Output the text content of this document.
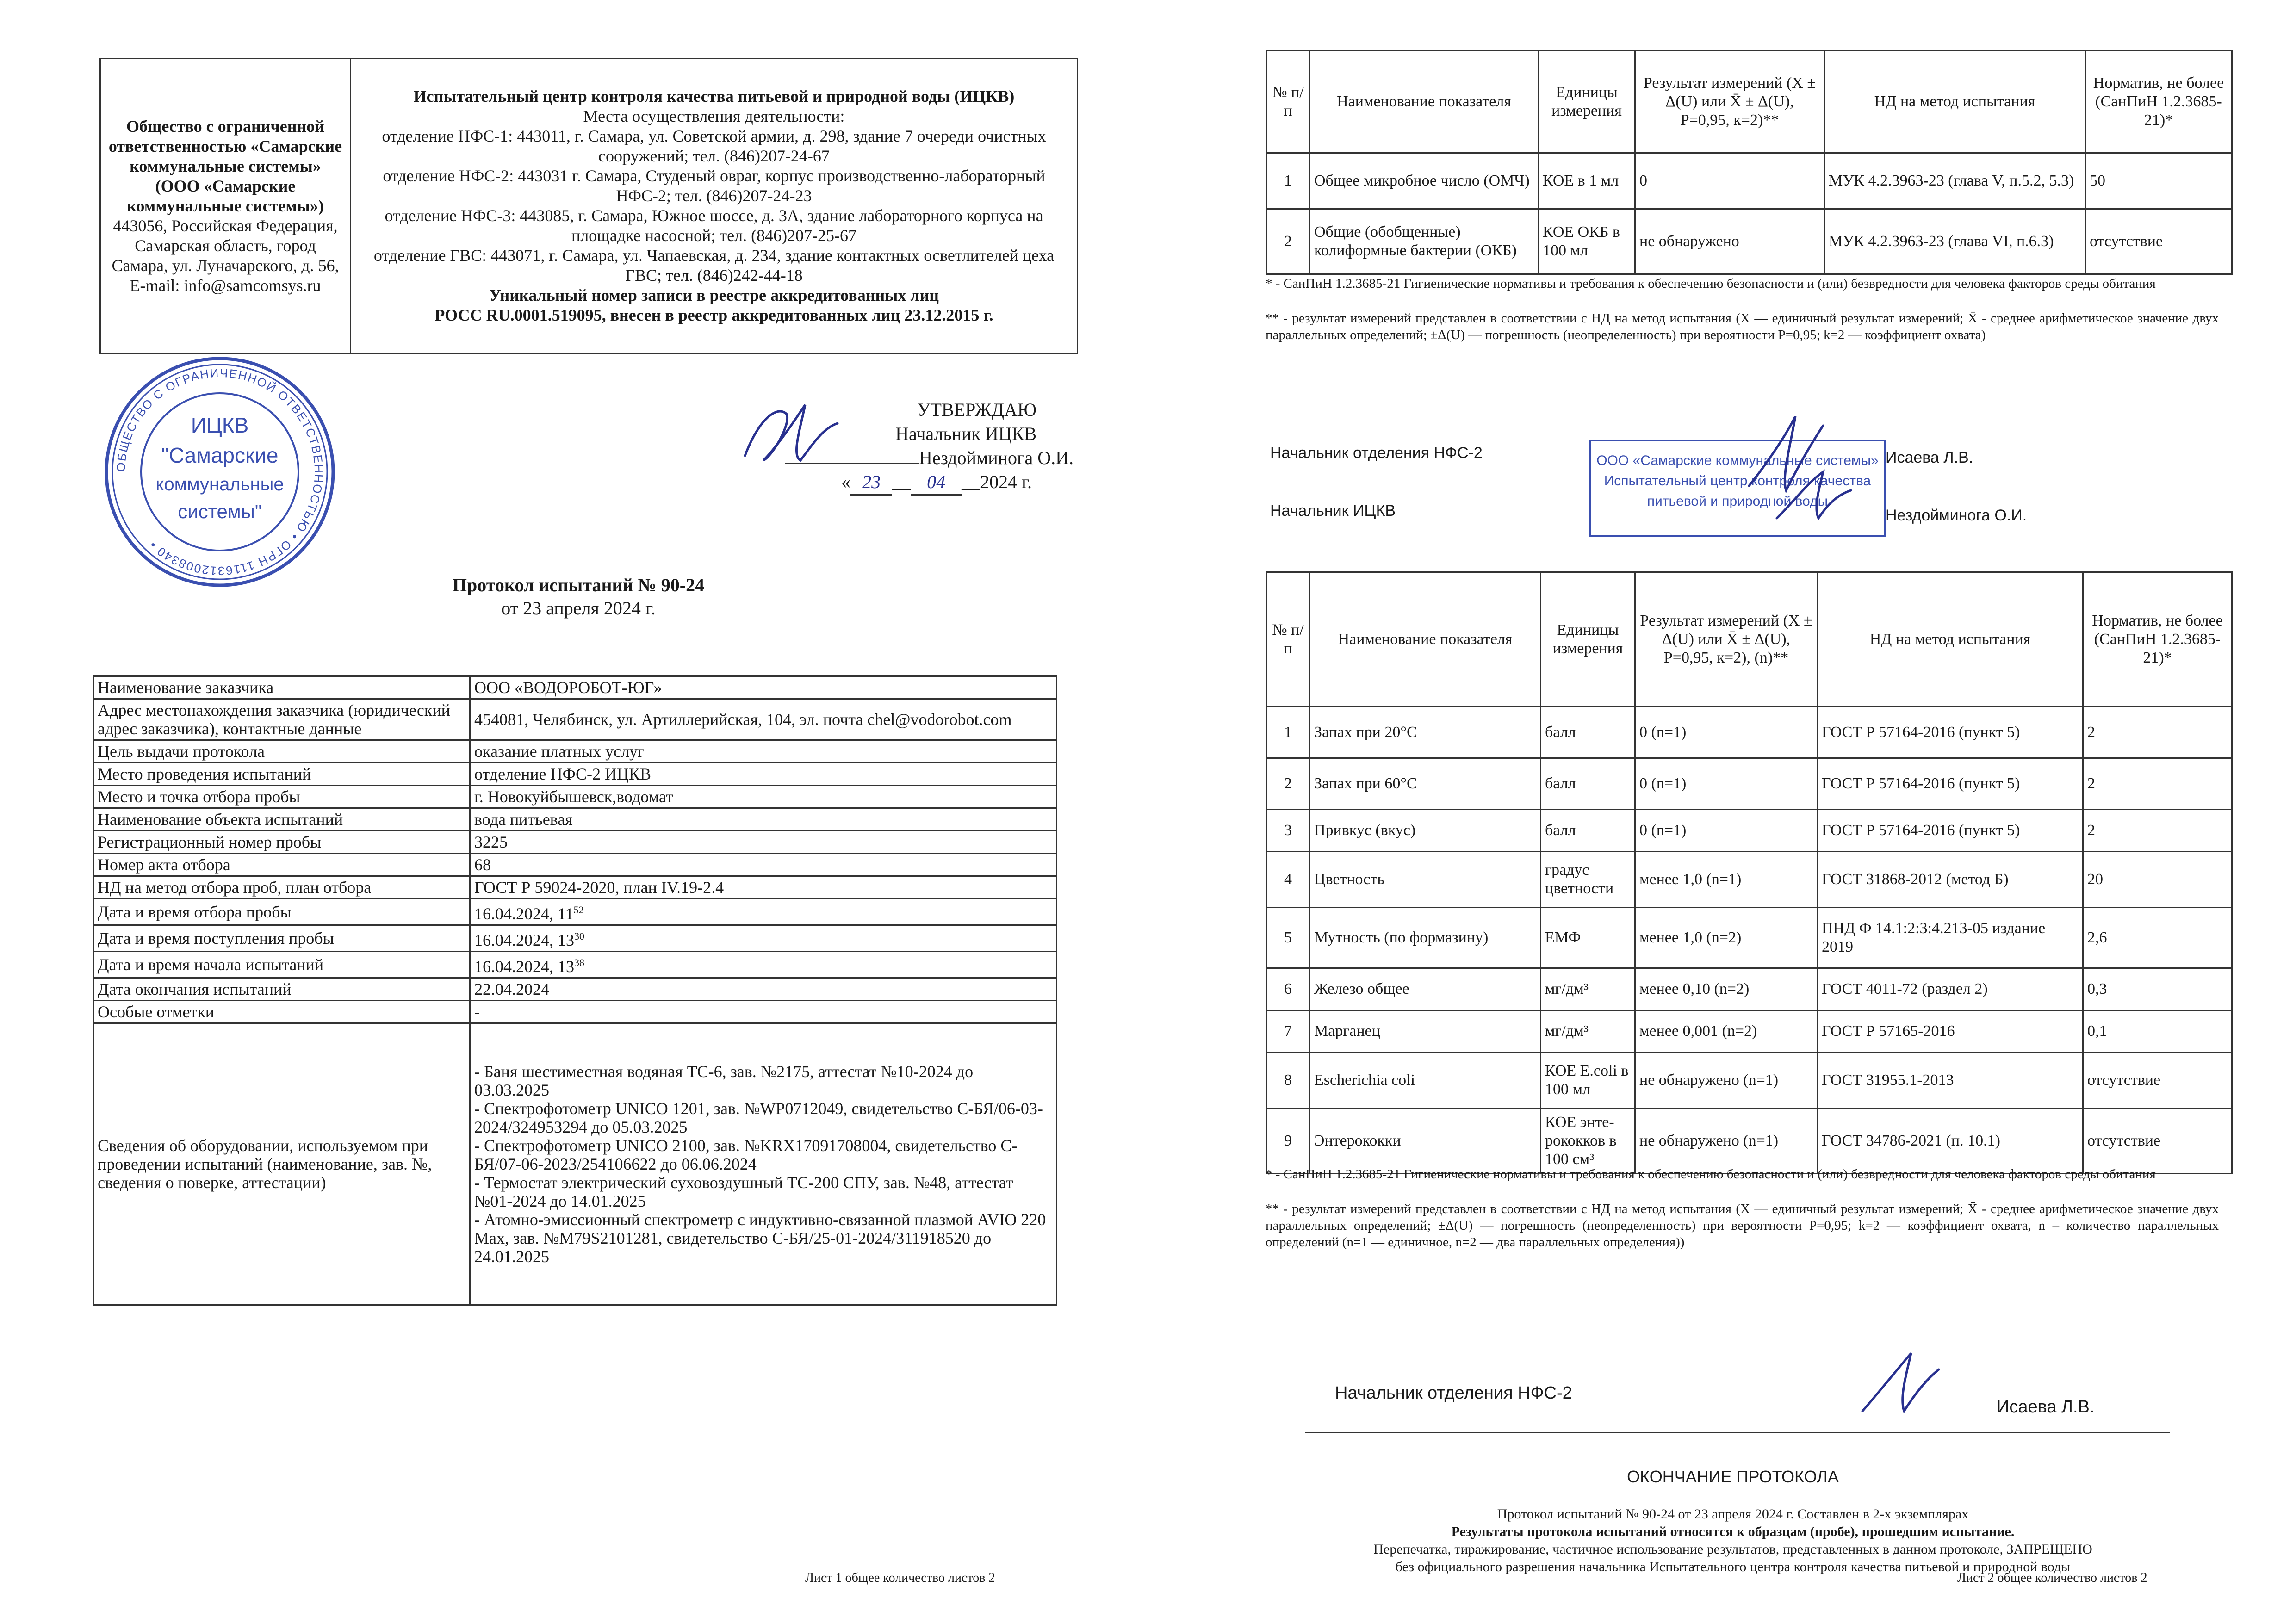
Общество с ограниченной ответственностью «Самарские коммунальные системы» (ООО «Самарские коммунальные системы»)
443056, Российская Федерация, Самарская область, город Самара, ул. Луначарского, д. 56,
E-mail: info@samcomsys.ru

Испытательный центр контроля качества питьевой и природной воды (ИЦКВ)
Места осуществления деятельности:
отделение НФС-1: 443011, г. Самара, ул. Советской армии, д. 298, здание 7 очереди очистных сооружений; тел. (846)207-24-67
отделение НФС-2: 443031 г. Самара, Студеный овраг, корпус производственно-лабораторный НФС-2; тел. (846)207-24-23
отделение НФС-3: 443085, г. Самара, Южное шоссе, д. 3А, здание лабораторного корпуса на площадке насосной; тел. (846)207-25-67
отделение ГВС: 443071, г. Самара, ул. Чапаевская, д. 234, здание контактных осветлителей цеха ГВС; тел. (846)242-44-18
Уникальный номер записи в реестре аккредитованных лиц
РОСС RU.0001.519095, внесен в реестр аккредитованных лиц 23.12.2015 г.
ОБЩЕСТВО С ОГРАНИЧЕННОЙ ОТВЕТСТВЕННОСТЬЮ • ОГРН 1116312008340 •
ИЦКВ
"Самарские
коммунальные
системы"
УТВЕРЖДАЮ
Начальник ИЦКВ
Нездойминога О.И.
« 23 __ 04 __2024 г.
Протокол испытаний № 90-24
от 23 апреля 2024 г.
Наименование заказчика	ООО «ВОДОРОБОТ-ЮГ»
Адрес местонахождения заказчика (юридический адрес заказчика), контактные данные	454081, Челябинск, ул. Артиллерийская, 104, эл. почта chel@vodorobot.com
Цель выдачи протокола	оказание платных услуг
Место проведения испытаний	отделение НФС-2 ИЦКВ
Место и точка отбора пробы	г. Новокуйбышевск,водомат
Наименование объекта испытаний	вода питьевая
Регистрационный номер пробы	3225
Номер акта отбора	68
НД на метод отбора проб, план отбора	ГОСТ Р 59024-2020, план IV.19-2.4
Дата и время отбора пробы	16.04.2024, $11^{52}$
Дата и время поступления пробы	16.04.2024, $13^{30}$
Дата и время начала испытаний	16.04.2024, $13^{38}$
Дата окончания испытаний	22.04.2024
Особые отметки	-
Сведения об оборудовании, используемом при проведении испытаний (наименование, зав. №, сведения о поверке, аттестации)	- Баня шестиместная водяная ТС-6, зав. №2175, аттестат №10-2024 до 03.03.2025
- Спектрофотометр UNICO 1201, зав. №WP0712049, свидетельство С-БЯ/06-03-2024/324953294 до 05.03.2025
- Спектрофотометр UNICO 2100, зав. №KRX17091708004, свидетельство С-БЯ/07-06-2023/254106622 до 06.06.2024
- Термостат электрический суховоздушный ТС-200 СПУ, зав. №48, аттестат №01-2024 до 14.01.2025
- Атомно-эмиссионный спектрометр с индуктивно-связанной плазмой AVIO 220 Max, зав. №M79S2101281, свидетельство С-БЯ/25-01-2024/311918520 до 24.01.2025
Лист 1 общее количество листов 2
№ п/п	Наименование показателя	Единицы измерения	Результат измерений (X ± Δ(U) или X̄ ± Δ(U), P=0,95, к=2)**	НД на метод испытания	Норматив, не более (СанПиН 1.2.3685-21)*
1	Общее микробное число (ОМЧ)	КОЕ в 1 мл	0	МУК 4.2.3963-23 (глава V, п.5.2, 5.3)	50
2	Общие (обобщенные) колиформные бактерии (ОКБ)	КОЕ ОКБ в 100 мл	не обнаружено	МУК 4.2.3963-23 (глава VI, п.6.3)	отсутствие
* - СанПиН 1.2.3685-21 Гигиенические нормативы и требования к обеспечению безопасности и (или) безвредности для человека факторов среды обитания
** - результат измерений представлен в соответствии с НД на метод испытания (X — единичный результат измерений; X̄ - среднее арифметическое значение двух параллельных определений; ±Δ(U) — погрешность (неопределенность) при вероятности P=0,95; k=2 — коэффициент охвата)
Начальник отделения НФС-2	Исаева Л.В.
Начальник ИЦКВ	Нездойминога О.И.
ООО «Самарские коммунальные системы»
Испытательный центр контроля качества
питьевой и природной воды
№ п/п	Наименование показателя	Единицы измерения	Результат измерений (X ± Δ(U) или X̄ ± Δ(U), P=0,95, к=2), (n)**	НД на метод испытания	Норматив, не более (СанПиН 1.2.3685-21)*
1	Запах при 20°С	балл	0 (n=1)	ГОСТ Р 57164-2016 (пункт 5)	2
2	Запах при 60°С	балл	0 (n=1)	ГОСТ Р 57164-2016 (пункт 5)	2
3	Привкус (вкус)	балл	0 (n=1)	ГОСТ Р 57164-2016 (пункт 5)	2
4	Цветность	градус цветности	менее 1,0 (n=1)	ГОСТ 31868-2012 (метод Б)	20
5	Мутность (по формазину)	ЕМФ	менее 1,0 (n=2)	ПНД Ф 14.1:2:3:4.213-05 издание 2019	2,6
6	Железо общее	мг/дм³	менее 0,10 (n=2)	ГОСТ 4011-72 (раздел 2)	0,3
7	Марганец	мг/дм³	менее 0,001 (n=2)	ГОСТ Р 57165-2016	0,1
8	Escherichia coli	КОЕ E.coli в 100 мл	не обнаружено (n=1)	ГОСТ 31955.1-2013	отсутствие
9	Энтерококки	КОЕ энте-рококков в 100 см³	не обнаружено (n=1)	ГОСТ 34786-2021 (п. 10.1)	отсутствие
* - СанПиН 1.2.3685-21 Гигиенические нормативы и требования к обеспечению безопасности и (или) безвредности для человека факторов среды обитания
** - результат измерений представлен в соответствии с НД на метод испытания (X — единичный результат измерений; X̄ - среднее арифметическое значение двух параллельных определений; ±Δ(U) — погрешность (неопределенность) при вероятности P=0,95; k=2 — коэффициент охвата, n – количество параллельных определений (n=1 — единичное, n=2 — два параллельных определения))
Начальник отделения НФС-2
Исаева Л.В.
ОКОНЧАНИЕ ПРОТОКОЛА
Протокол испытаний № 90-24 от 23 апреля 2024 г. Составлен в 2-х экземплярах
Результаты протокола испытаний относятся к образцам (пробе), прошедшим испытание.
Перепечатка, тиражирование, частичное использование результатов, представленных в данном протоколе, ЗАПРЕЩЕНО
без официального разрешения начальника Испытательного центра контроля качества питьевой и природной воды
Лист 2 общее количество листов 2
